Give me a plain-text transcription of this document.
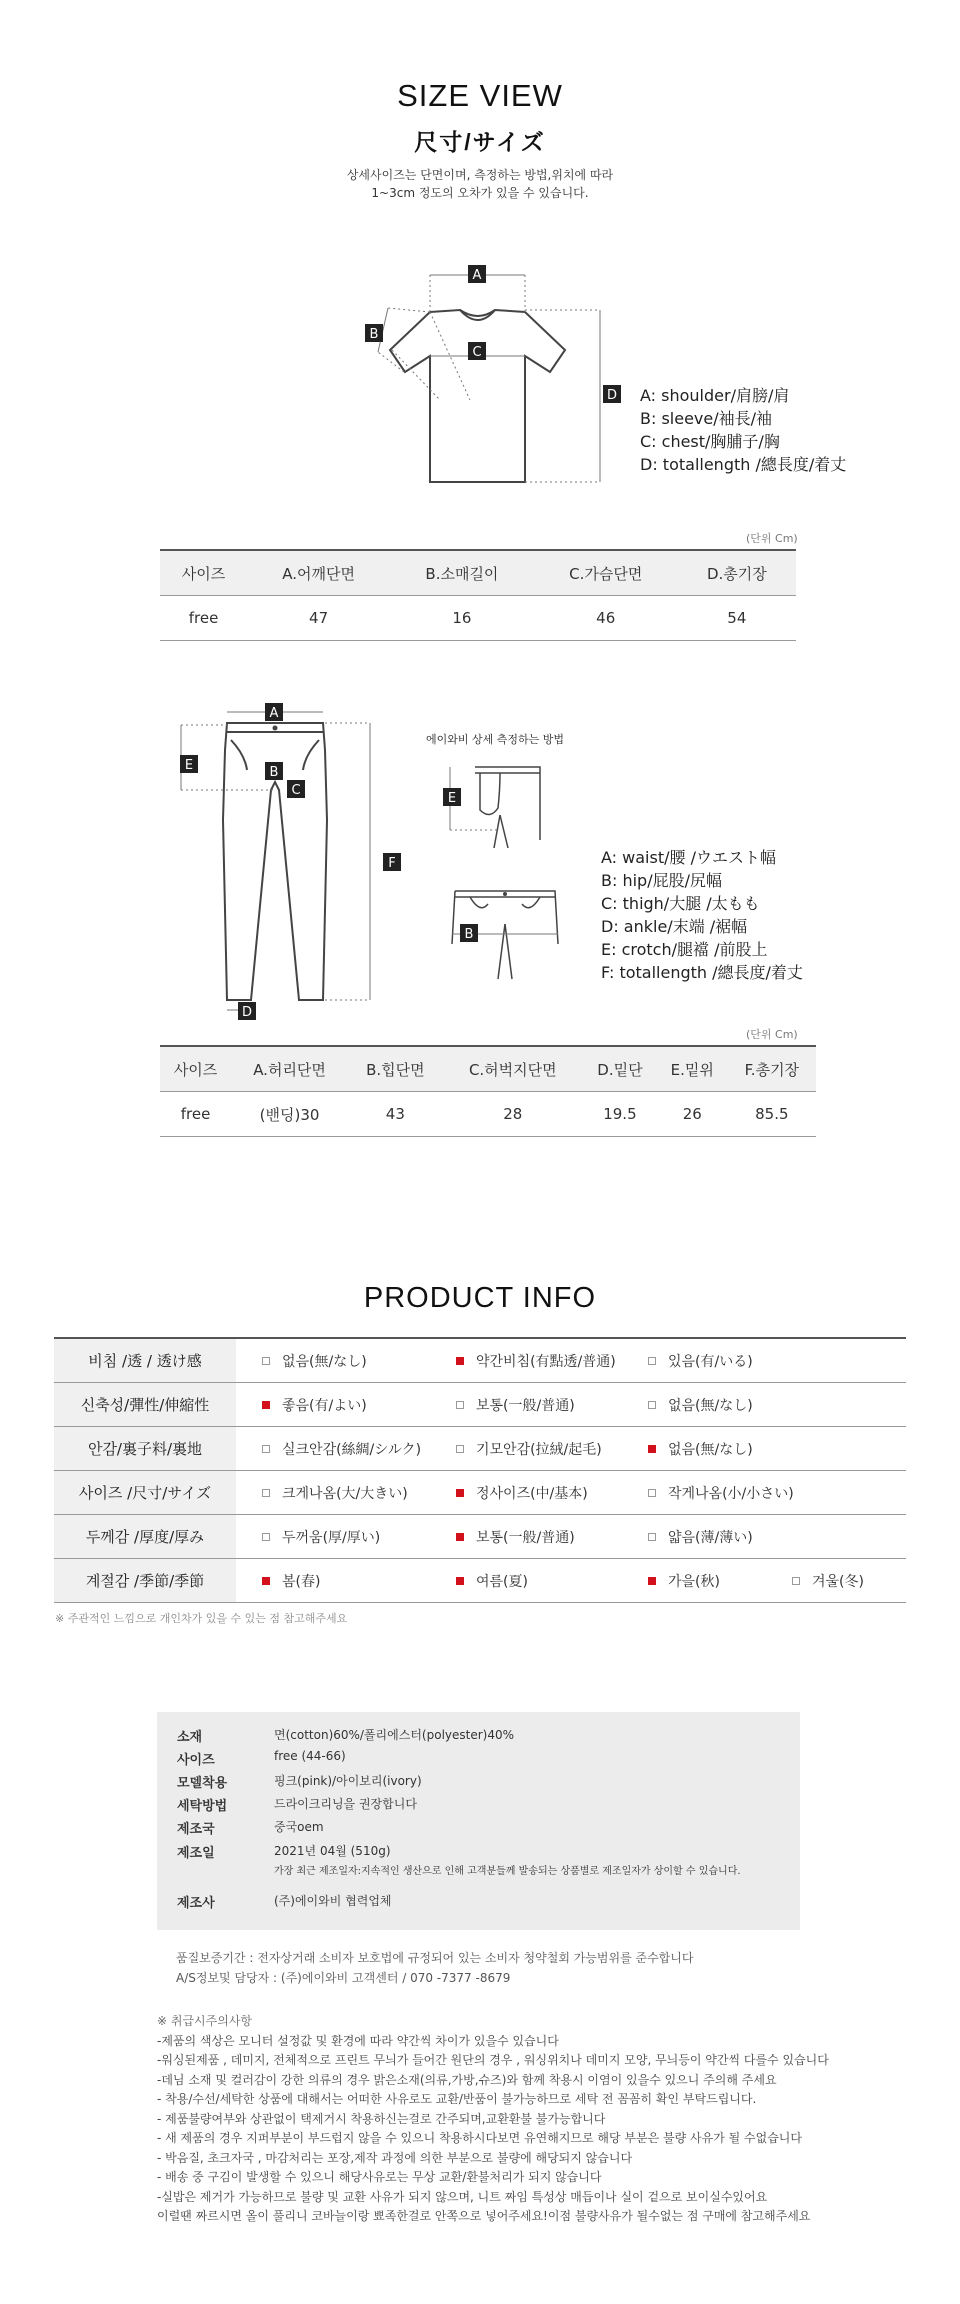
SIZE VIEW
尺寸/サイズ
상세사이즈는 단면이며, 측정하는 방법,위치에 따라
1~3cm 정도의 오차가 있을 수 있습니다.
A
B
C
D A: shoulder/肩膀/肩
B: sleeve/袖長/袖
C: chest/胸脯子/胸
D: totallength /總長度/着丈
(단위 Cm)
사이즈	A.어깨단면	B.소매길이	C.가슴단면	D.총기장
free	47	16	46	54
A
E	B
C
F
D
에이와비 상세 측정하는 방법
E
B
A: waist/腰 /ウエスト幅
B: hip/屁股/尻幅
C: thigh/大腿 /太もも
D: ankle/末端 /裾幅
E: crotch/腿襠 /前股上
F: totallength /總長度/着丈
(단위 Cm)
사이즈	A.허리단면	B.힙단면	C.허벅지단면	D.밑단	E.밑위	F.총기장
free	(밴딩)30	43	28	19.5	26	85.5
PRODUCT INFO
비침 /透 / 透け感	없음(無/なし)	약간비침(有點透/普通)	있음(有/いる)
신축성/彈性/伸縮性	좋음(有/よい)	보통(一般/普通)	없음(無/なし)
안감/裏子料/裏地	실크안감(絲綢/シルク)	기모안감(拉絨/起毛)	없음(無/なし)
사이즈 /尺寸/サイズ	크게나옴(大/大きい)	정사이즈(中/基本)	작게나옴(小/小さい)
두께감 /厚度/厚み	두꺼움(厚/厚い)	보통(一般/普通)	얇음(薄/薄い)
계절감 /季節/季節	봄(春)	여름(夏)	가을(秋)	겨울(冬)
※ 주관적인 느낌으로 개인차가 있을 수 있는 점 참고해주세요
소재	면(cotton)60%/폴리에스터(polyester)40%
사이즈	free (44-66)
모델착용	핑크(pink)/아이보리(ivory)
세탁방법	드라이크리닝을 권장합니다
제조국	중국oem
제조일	2021년 04월 (510g)
가장 최근 제조일자:지속적인 생산으로 인해 고객분들께 발송되는 상품별로 제조일자가 상이할 수 있습니다.
제조사	(주)에이와비 협력업체
품질보증기간 : 전자상거래 소비자 보호법에 규정되어 있는 소비자 청약철회 가능범위를 준수합니다
A/S정보및 담당자 : (주)에이와비 고객센터 / 070 -7377 -8679
※ 취급시주의사항
-제품의 색상은 모니터 설정값 및 환경에 따라 약간씩 차이가 있을수 있습니다
-워싱된제품 , 데미지, 전체적으로 프린트 무늬가 들어간 원단의 경우 , 워싱위치나 데미지 모양, 무늬등이 약간씩 다를수 있습니다
-데님 소재 및 컬러감이 강한 의류의 경우 밝은소재(의류,가방,슈즈)와 함께 착용시 이염이 있을수 있으니 주의해 주세요
- 착용/수선/세탁한 상품에 대해서는 어떠한 사유로도 교환/반품이 불가능하므로 세탁 전 꼼꼼히 확인 부탁드립니다.
- 제품불량여부와 상관없이 택제거시 착용하신는걸로 간주되며,교환환불 불가능합니다
- 새 제품의 경우 지퍼부분이 부드럽지 않을 수 있으니 착용하시다보면 유연해지므로 해당 부분은 불량 사유가 될 수없습니다
- 박음질, 초크자국 , 마감처리는 포장,제작 과정에 의한 부분으로 불량에 해당되지 않습니다
- 배송 중 구김이 발생할 수 있으니 해당사유로는 무상 교환/환불처리가 되지 않습니다
-실밥은 제거가 가능하므로 불량 및 교환 사유가 되지 않으며, 니트 짜임 특성상 매듭이나 실이 겉으로 보이실수있어요
이럴땐 짜르시면 올이 풀리니 코바늘이랑 뾰족한걸로 안쪽으로 넣어주세요!이점 불량사유가 될수없는 점 구매에 참고해주세요
